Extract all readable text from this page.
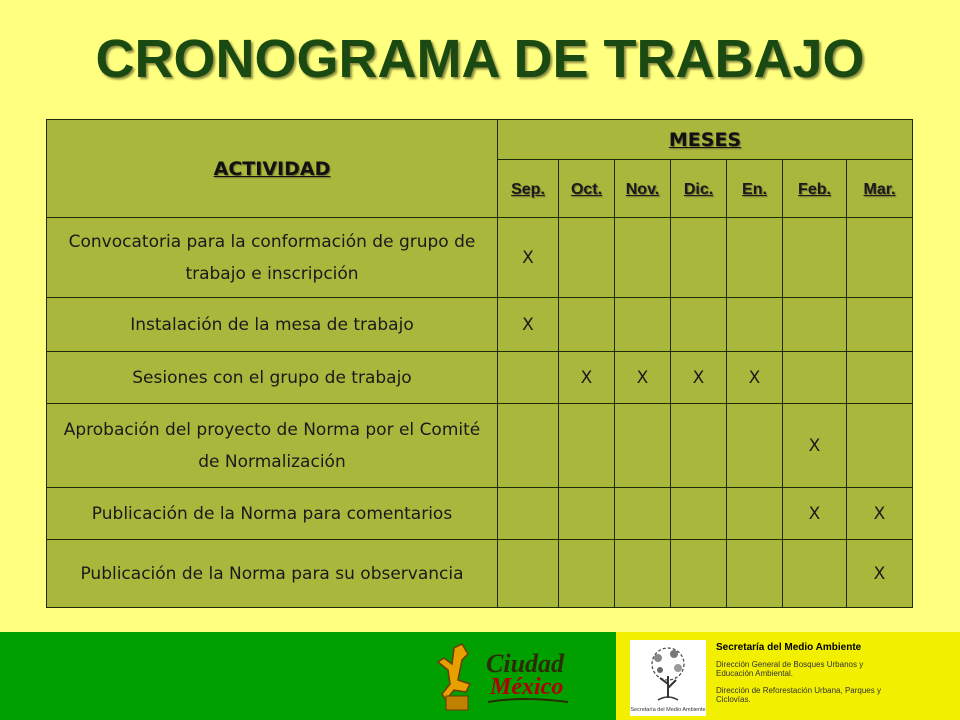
CRONOGRAMA DE TRABAJO
ACTIVIDAD	MESES						
	Sep.	Oct.	Nov.	Dic.	En.	Feb.	Mar.
Convocatoria para la conformación de grupo de trabajo e inscripción	X						
Instalación de la mesa de trabajo	X						
Sesiones con el grupo de trabajo		X	X	X	X		
Aprobación del proyecto de Norma por el Comité de Normalización						X	
Publicación de la Norma para comentarios						X	X
Publicación de la Norma para su observancia							X
Ciudad
México
Secretaría del Medio Ambiente
Secretaría del Medio Ambiente
Dirección General de Bosques Urbanos y Educación Ambiental.
Dirección de Reforestación Urbana, Parques y Ciclovías.
